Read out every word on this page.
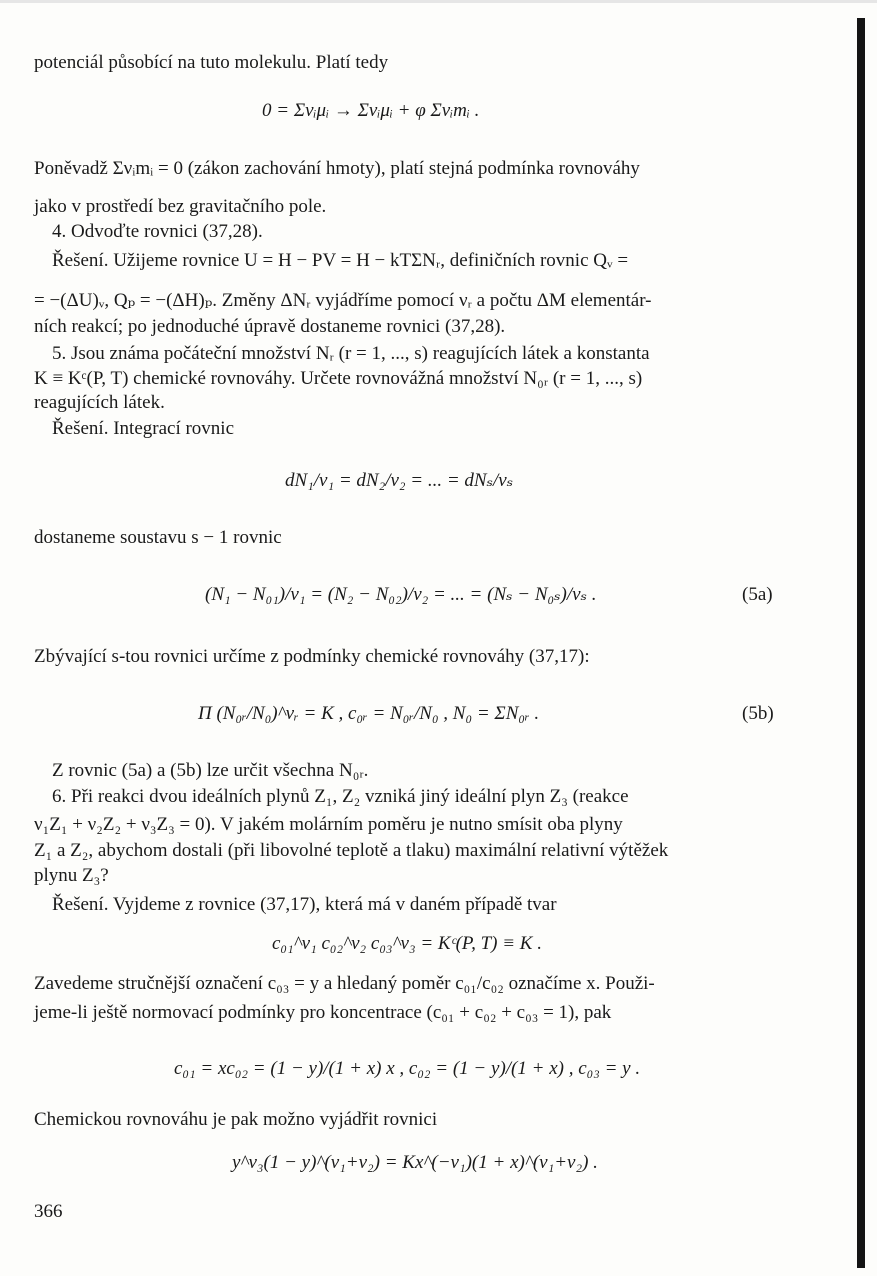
potenciál působící na tuto molekulu. Platí tedy
0 = Σνᵢμᵢ → Σνᵢμᵢ + φ Σνᵢmᵢ .
Poněvadž Σνᵢmᵢ = 0 (zákon zachování hmoty), platí stejná podmínka rovnováhy
jako v prostředí bez gravitačního pole.
4. Odvoďte rovnici (37,28).
Řešení. Užijeme rovnice U = H − PV = H − kTΣNᵣ, definičních rovnic Qᵥ =
= −(ΔU)ᵥ, Qₚ = −(ΔH)ₚ. Změny ΔNᵣ vyjádříme pomocí νᵣ a počtu ΔM elementár-
ních reakcí; po jednoduché úpravě dostaneme rovnici (37,28).
5. Jsou známa počáteční množství Nᵣ (r = 1, ..., s) reagujících látek a konstanta
K ≡ Kᶜ(P, T) chemické rovnováhy. Určete rovnovážná množství N₀ᵣ (r = 1, ..., s)
reagujících látek.
Řešení. Integrací rovnic
dN₁/ν₁ = dN₂/ν₂ = ... = dNₛ/νₛ
dostaneme soustavu s − 1 rovnic
(N₁ − N₀₁)/ν₁ = (N₂ − N₀₂)/ν₂ = ... = (Nₛ − N₀ₛ)/νₛ .	(5a)
Zbývající s-tou rovnici určíme z podmínky chemické rovnováhy (37,17):
Π (N₀ᵣ/N₀)^νᵣ = K , c₀ᵣ = N₀ᵣ/N₀ , N₀ = ΣN₀ᵣ .	(5b)
Z rovnic (5a) a (5b) lze určit všechna N₀ᵣ.
6. Při reakci dvou ideálních plynů Z₁, Z₂ vzniká jiný ideální plyn Z₃ (reakce
ν₁Z₁ + ν₂Z₂ + ν₃Z₃ = 0). V jakém molárním poměru je nutno smísit oba plyny
Z₁ a Z₂, abychom dostali (při libovolné teplotě a tlaku) maximální relativní výtěžek
plynu Z₃?
Řešení. Vyjdeme z rovnice (37,17), která má v daném případě tvar
c₀₁^ν₁ c₀₂^ν₂ c₀₃^ν₃ = Kᶜ(P, T) ≡ K .
Zavedeme stručnější označení c₀₃ = y a hledaný poměr c₀₁/c₀₂ označíme x. Použi-
jeme-li ještě normovací podmínky pro koncentrace (c₀₁ + c₀₂ + c₀₃ = 1), pak
c₀₁ = xc₀₂ = (1 − y)/(1 + x) x , c₀₂ = (1 − y)/(1 + x) , c₀₃ = y .
Chemickou rovnováhu je pak možno vyjádřit rovnici
y^ν₃(1 − y)^(ν₁+ν₂) = Kx^(−ν₁)(1 + x)^(ν₁+ν₂) .
366
